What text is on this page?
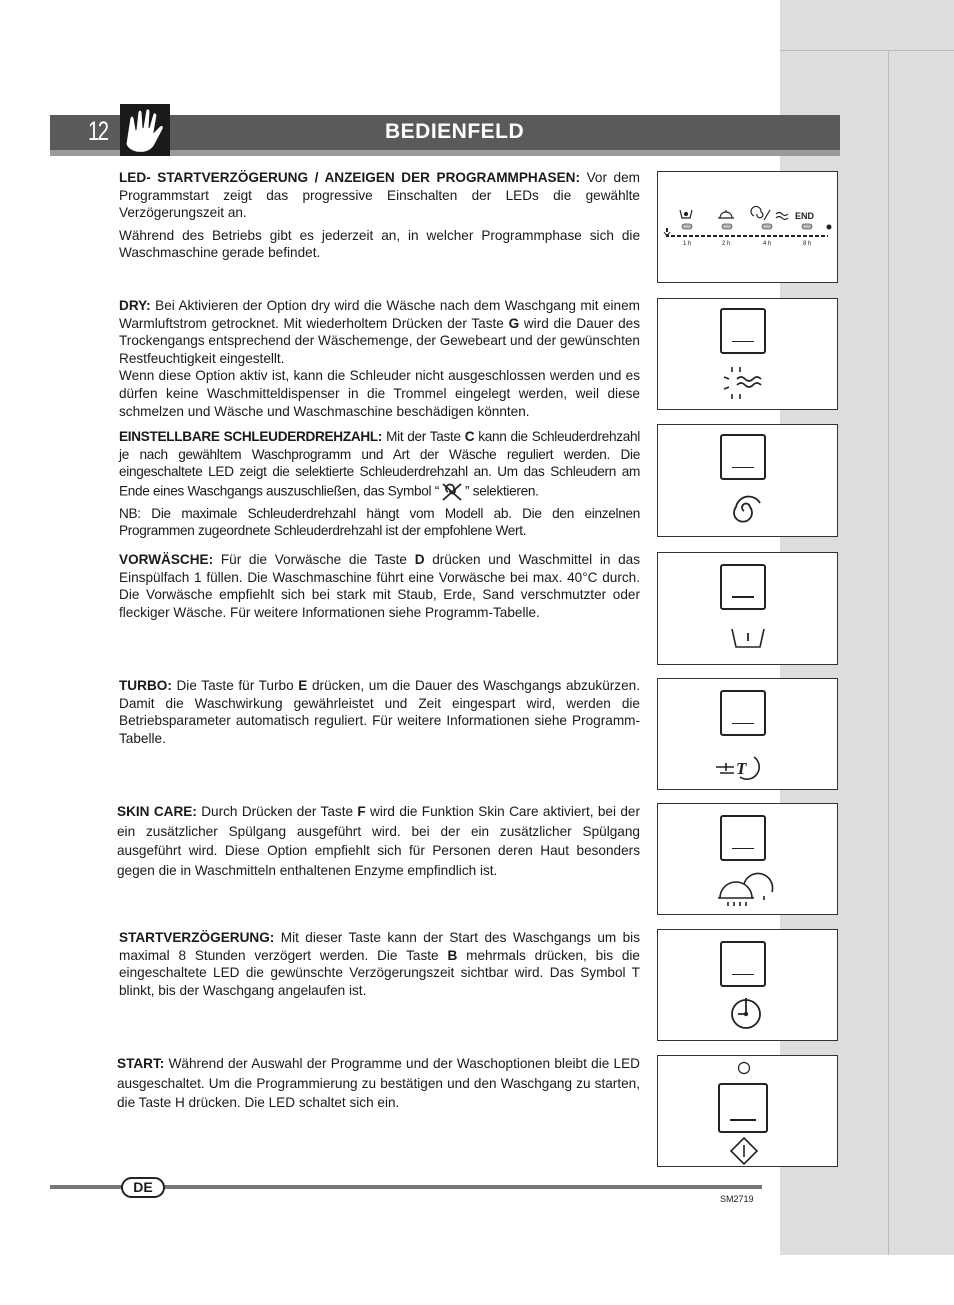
12	BEDIENFELD

LED- STARTVERZÖGERUNG / ANZEIGEN DER PROGRAMMPHASEN: Vor dem Programmstart zeigt das progressive Einschalten der LEDs die gewählte Verzögerungszeit an.

Während des Betriebs gibt es jederzeit an, in welcher Programmphase sich die Waschmaschine gerade befindet.

END
1 h	2 h	4 h	8 h

DRY: Bei Aktivieren der Option dry wird die Wäsche nach dem Waschgang mit einem Warmluftstrom getrocknet. Mit wiederholtem Drücken der Taste G wird die Dauer des Trockengangs entsprechend der Wäschemenge, der Gewebeart und der gewünschten Restfeuchtigkeit eingestellt.

Wenn diese Option aktiv ist, kann die Schleuder nicht ausgeschlossen werden und es dürfen keine Waschmitteldispenser in die Trommel eingelegt werden, weil diese schmelzen und Wäsche und Waschmaschine beschädigen könnten.

EINSTELLBARE SCHLEUDERDREHZAHL: Mit der Taste C kann die Schleuderdrehzahl je nach gewähltem Waschprogramm und Art der Wäsche reguliert werden. Die eingeschaltete LED zeigt die selektierte Schleuderdrehzahl an. Um das Schleudern am Ende eines Waschgangs auszuschließen, das Symbol “ ” selektieren.

NB: Die maximale Schleuderdrehzahl hängt vom Modell ab. Die den einzelnen Programmen zugeordnete Schleuderdrehzahl ist der empfohlene Wert.

VORWÄSCHE: Für die Vorwäsche die Taste D drücken und Waschmittel in das Einspülfach 1 füllen. Die Waschmaschine führt eine Vorwäsche bei max. 40°C durch. Die Vorwäsche empfiehlt sich bei stark mit Staub, Erde, Sand verschmutzter oder fleckiger Wäsche. Für weitere Informationen siehe Programm-Tabelle.

TURBO: Die Taste für Turbo E drücken, um die Dauer des Waschgangs abzukürzen. Damit die Waschwirkung gewährleistet und Zeit eingespart wird, werden die Betriebsparameter automatisch reguliert. Für weitere Informationen siehe Programm-Tabelle.

T

SKIN CARE: Durch Drücken der Taste F wird die Funktion Skin Care aktiviert, bei der ein zusätzlicher Spülgang ausgeführt wird. bei der ein zusätzlicher Spülgang ausgeführt wird. Diese Option empfiehlt sich für Personen deren Haut besonders gegen die in Waschmitteln enthaltenen Enzyme empfindlich ist.

STARTVERZÖGERUNG: Mit dieser Taste kann der Start des Waschgangs um bis maximal 8 Stunden verzögert werden. Die Taste B mehrmals drücken, bis die eingeschaltete LED die gewünschte Verzögerungszeit sichtbar wird. Das Symbol T blinkt, bis der Waschgang angelaufen ist.

START: Während der Auswahl der Programme und der Waschoptionen bleibt die LED ausgeschaltet. Um die Programmierung zu bestätigen und den Waschgang zu starten, die Taste H drücken. Die LED schaltet sich ein.

DE
SM2719
